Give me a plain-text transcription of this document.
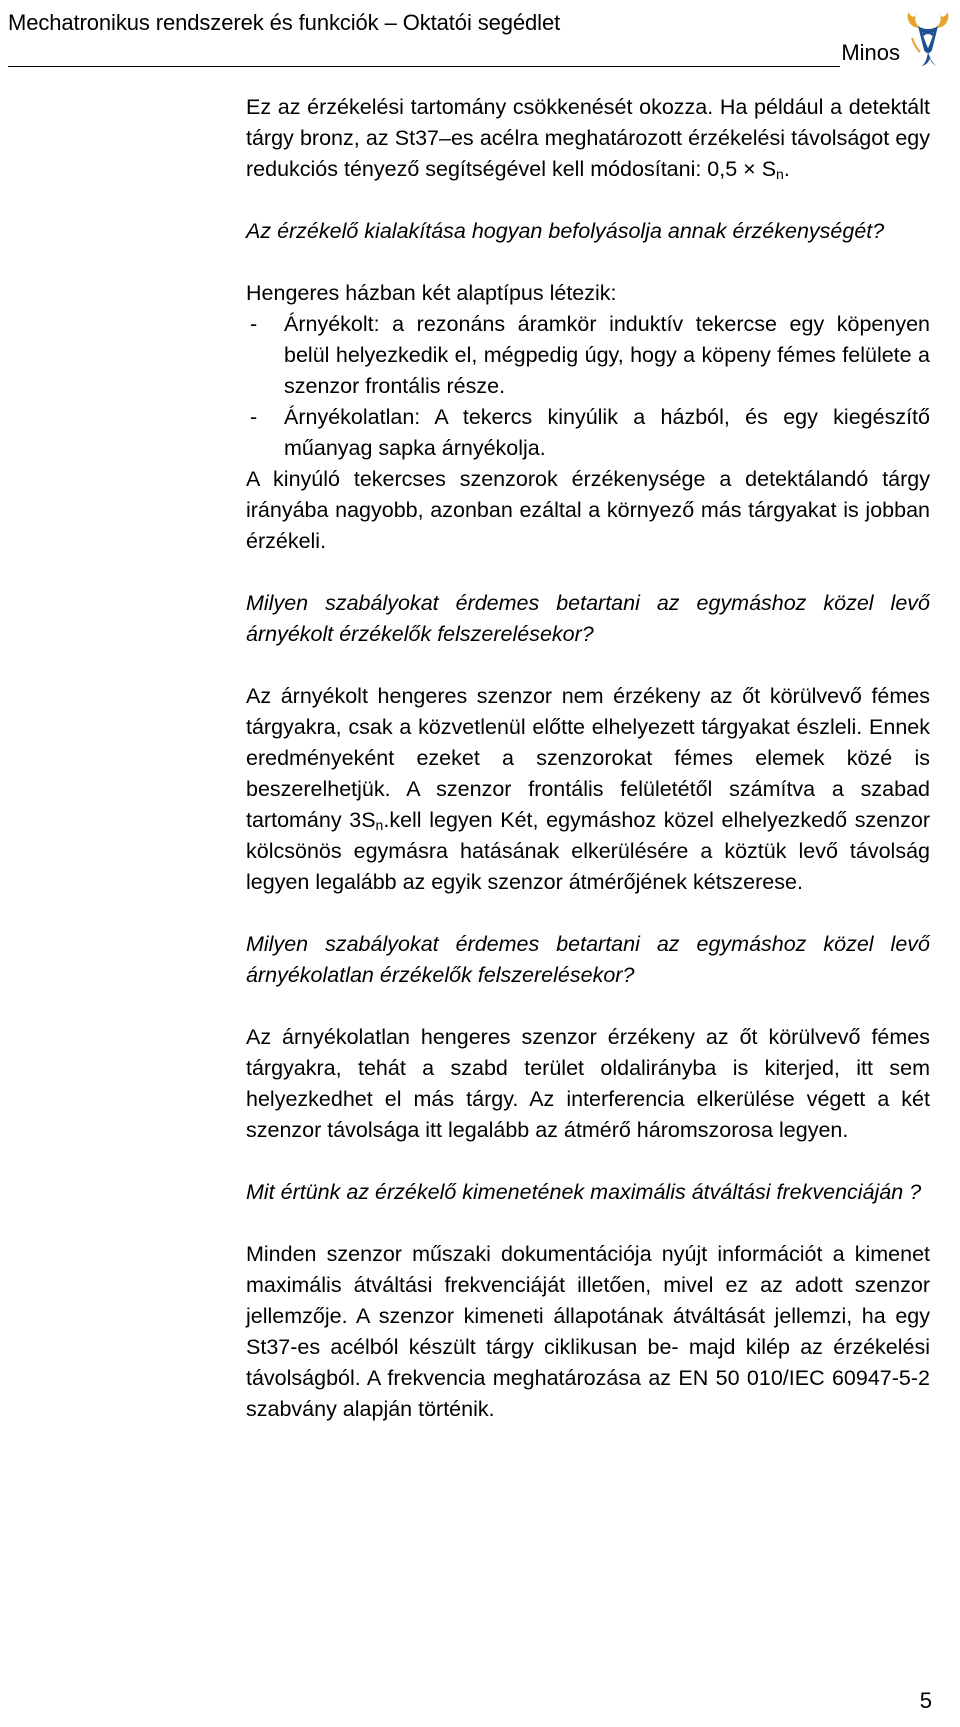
Mechatronikus rendszerek és funkciók – Oktatói segédlet
Minos

Ez az érzékelési tartomány csökkenését okozza. Ha például a detektált tárgy bronz, az St37–es acélra meghatározott érzékelési távolságot egy redukciós tényező segítségével kell módosítani: $0,5 \times S_n$.

Az érzékelő kialakítása hogyan befolyásolja annak érzékenységét?

Hengeres házban két alaptípus létezik:

- Árnyékolt: a rezonáns áramkör induktív tekercse egy köpenyen belül helyezkedik el, mégpedig úgy, hogy a köpeny fémes felülete a szenzor frontális része.
- Árnyékolatlan: A tekercs kinyúlik a házból, és egy kiegészítő műanyag sapka árnyékolja.

A kinyúló tekercses szenzorok érzékenysége a detektálandó tárgy irányába nagyobb, azonban ezáltal a környező más tárgyakat is jobban érzékeli.

Milyen szabályokat érdemes betartani az egymáshoz közel levő árnyékolt érzékelők felszerelésekor?

Az árnyékolt hengeres szenzor nem érzékeny az őt körülvevő fémes tárgyakra, csak a közvetlenül előtte elhelyezett tárgyakat észleli. Ennek eredményeként ezeket a szenzorokat fémes elemek közé is beszerelhetjük. A szenzor frontális felületétől számítva a szabad tartomány $3S_n.kell$ legyen Két, egymáshoz közel elhelyezkedő szenzor kölcsönös egymásra hatásának elkerülésére a köztük levő távolság legyen legalább az egyik szenzor átmérőjének kétszerese.

Milyen szabályokat érdemes betartani az egymáshoz közel levő árnyékolatlan érzékelők felszerelésekor?

Az árnyékolatlan hengeres szenzor érzékeny az őt körülvevő fémes tárgyakra, tehát a szabd terület oldalirányba is kiterjed, itt sem helyezkedhet el más tárgy. Az interferencia elkerülése végett a két szenzor távolsága itt legalább az átmérő háromszorosa legyen.

Mit értünk az érzékelő kimenetének maximális átváltási frekvenciáján ?

Minden szenzor műszaki dokumentációja nyújt információt a kimenet maximális átváltási frekvenciáját illetően, mivel ez az adott szenzor jellemzője. A szenzor kimeneti állapotának átváltását jellemzi, ha egy St37-es acélból készült tárgy ciklikusan be- majd kilép az érzékelési távolságból. A frekvencia meghatározása az EN 50 010/IEC 60947-5-2 szabvány alapján történik.

5
